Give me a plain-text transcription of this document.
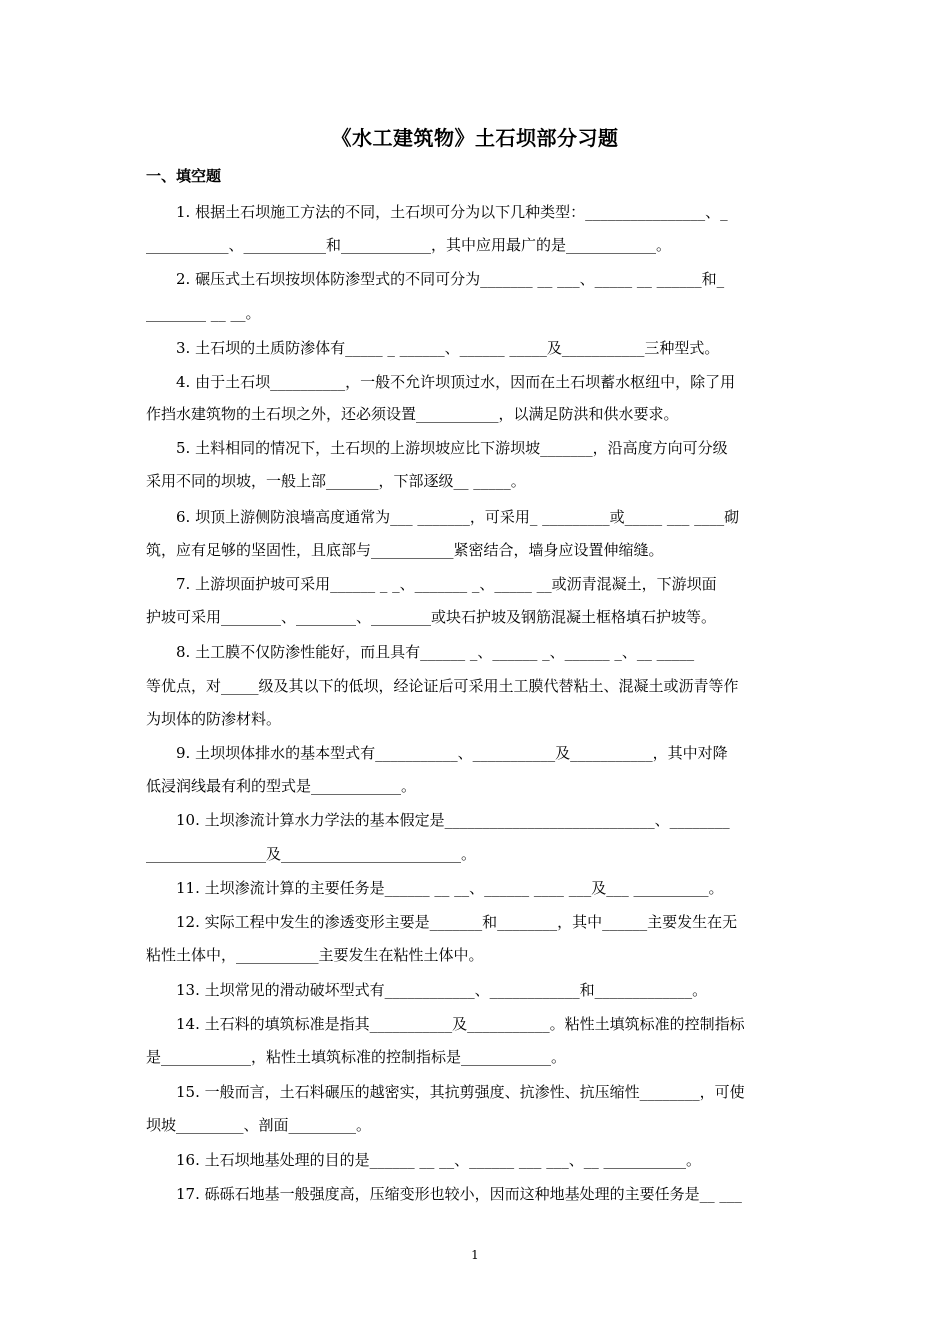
《水工建筑物》土石坝部分习题
一、填空题
1. 根据土石坝施工方法的不同，土石坝可分为以下几种类型：________________、_
___________、___________和____________，其中应用最广的是____________。
2. 碾压式土石坝按坝体防渗型式的不同可分为_______ __ ___、_____ __ ______和_
________ __ __。
3. 土石坝的土质防渗体有_____ _ ______、______ _____及___________三种型式。
4. 由于土石坝__________，一般不允许坝顶过水，因而在土石坝蓄水枢纽中，除了用
作挡水建筑物的土石坝之外，还必须设置___________，以满足防洪和供水要求。
5. 土料相同的情况下，土石坝的上游坝坡应比下游坝坡_______，沿高度方向可分级
采用不同的坝坡，一般上部_______，下部逐级__ _____。
6. 坝顶上游侧防浪墙高度通常为___ _______，可采用_ _________或_____ ___ ____砌
筑，应有足够的坚固性，且底部与___________紧密结合，墙身应设置伸缩缝。
7. 上游坝面护坡可采用______ _ _、_______ _、_____ __或沥青混凝土，下游坝面
护坡可采用________、________、________或块石护坡及钢筋混凝土框格填石护坡等。
8. 土工膜不仅防渗性能好，而且具有______ _、______ _、______ _、__ _____
等优点，对_____级及其以下的低坝，经论证后可采用土工膜代替粘土、混凝土或沥青等作
为坝体的防渗材料。
9. 土坝坝体排水的基本型式有___________、___________及___________，其中对降
低浸润线最有利的型式是____________。
10. 土坝渗流计算水力学法的基本假定是____________________________、________
________________及________________________。
11. 土坝渗流计算的主要任务是______ __ __、______ ____ ___及___ __________。
12. 实际工程中发生的渗透变形主要是_______和________，其中______主要发生在无
粘性土体中，___________主要发生在粘性土体中。
13. 土坝常见的滑动破坏型式有____________、____________和_____________。
14. 土石料的填筑标准是指其___________及___________。粘性土填筑标准的控制指标
是____________，粘性土填筑标准的控制指标是____________。
15. 一般而言，土石料碾压的越密实，其抗剪强度、抗渗性、抗压缩性________，可使
坝坡_________、剖面_________。
16. 土石坝地基处理的目的是______ __ __、______ ___ ___、__ ___________。
17. 砾砾石地基一般强度高，压缩变形也较小，因而这种地基处理的主要任务是__ ___
1
